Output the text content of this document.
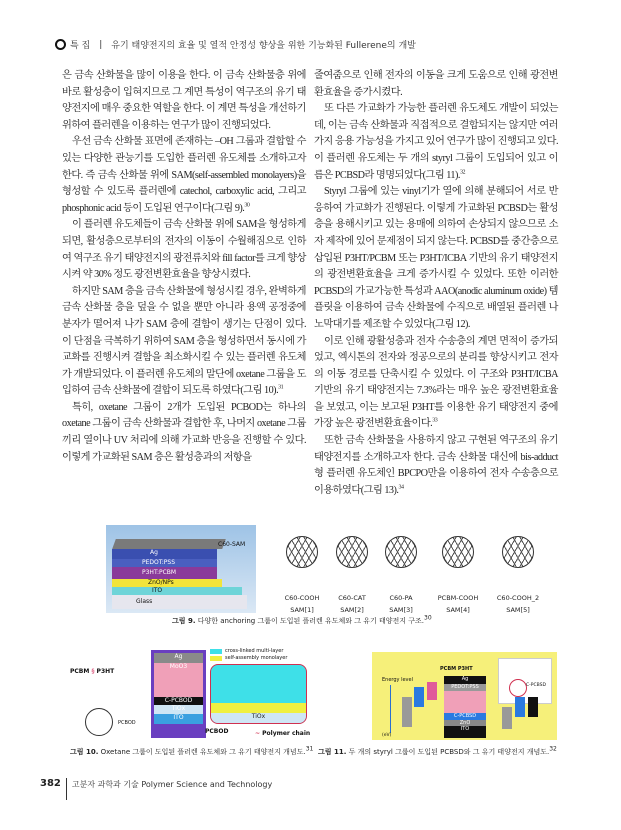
특 집 | 유기 태양전지의 효율 및 열적 안정성 향상을 위한 기능화된 Fullerene의 개발

은 금속 산화물을 많이 이용을 한다. 이 금속 산화물층 위에 바로 활성층이 입혀지므로 그 계면 특성이 역구조의 유기 태양전지에 매우 중요한 역할을 한다. 이 계면 특성을 개선하기 위하여 플러렌을 이용하는 연구가 많이 진행되었다.

우선 금속 산화물 표면에 존재하는 –OH 그룹과 결합할 수 있는 다양한 관능기를 도입한 플러렌 유도체를 소개하고자 한다. 즉 금속 산화물 위에 SAM(self-assembled monolayers)을 형성할 수 있도록 플러렌에 catechol, carboxylic acid, 그리고 phosphonic acid 등이 도입된 연구이다(그림 9).$^{30}$

이 플러렌 유도체들이 금속 산화물 위에 SAM을 형성하게 되면, 활성층으로부터의 전자의 이동이 수월해짐으로 인하여 역구조 유기 태양전지의 광전류치와 fill factor를 크게 향상시켜 약 30% 정도 광전변환효율을 향상시켰다.

하지만 SAM 층을 금속 산화물에 형성시킬 경우, 완벽하게 금속 산화물 층을 덮을 수 없을 뿐만 아니라 용액 공정중에 분자가 떨어져 나가 SAM 층에 결함이 생기는 단점이 있다. 이 단점을 극복하기 위하여 SAM 층을 형성하면서 동시에 가교화를 진행시켜 결함을 최소화시킬 수 있는 플러렌 유도체가 개발되었다. 이 플러렌 유도체의 말단에 oxetane 그룹을 도입하여 금속 산화물에 결합이 되도록 하였다(그림 10).$^{31}$

특히, oxetane 그룹이 2개가 도입된 PCBOD는 하나의 oxetane 그룹이 금속 산화물과 결합한 후, 나머지 oxetane 그룹끼리 열이나 UV 처리에 의해 가교화 반응을 진행할 수 있다. 이렇게 가교화된 SAM 층은 활성층과의 저항을

줄여줌으로 인해 전자의 이동을 크게 도움으로 인해 광전변환효율을 증가시켰다.

또 다른 가교화가 가능한 플러렌 유도체도 개발이 되었는데, 이는 금속 산화물과 직접적으로 결합되지는 않지만 여러 가지 응용 가능성을 가지고 있어 연구가 많이 진행되고 있다. 이 플러렌 유도체는 두 개의 styryl 그룹이 도입되어 있고 이름은 PCBSD라 명명되었다(그림 11).$^{32}$

Styryl 그룹에 있는 vinyl기가 열에 의해 분해되어 서로 반응하여 가교화가 진행된다. 이렇게 가교화된 PCBSD는 활성층을 용해시키고 있는 용매에 의하여 손상되지 않으므로 소자 제작에 있어 문제점이 되지 않는다. PCBSD를 중간층으로 삽입된 P3HT/PCBM 또는 P3HT/ICBA 기반의 유기 태양전지의 광전변환효율을 크게 증가시킬 수 있었다. 또한 이러한 PCBSD의 가교가능한 특성과 AAO(anodic aluminum oxide) 템플릿을 이용하여 금속 산화물에 수직으로 배열된 플러렌 나노막대기를 제조할 수 있었다(그림 12).

이로 인해 광활성층과 전자 수송층의 계면 면적이 증가되었고, 엑시톤의 전자와 정공으로의 분리를 향상시키고 전자의 이동 경로를 단축시킬 수 있었다. 이 구조와 P3HT/ICBA 기반의 유기 태양전지는 7.3%라는 매우 높은 광전변환효율을 보였고, 이는 보고된 P3HT를 이용한 유기 태양전지 중에 가장 높은 광전변환효율이다.$^{33}$

또한 금속 산화물을 사용하지 않고 구현된 역구조의 유기 태양전지를 소개하고자 한다. 금속 산화물 대신에 bis-adduct형 플러렌 유도체인 BPCPO만을 이용하여 전자 수송층으로 이용하였다(그림 13).$^{34}$

C60-SAM
Ag
PEDOT:PSS
P3HT:PCBM
ZnO/NPs
ITO
Glass	C60-COOH
SAM[1]
C60-CAT
SAM[2]
C60-PA
SAM[3]
PCBM-COOH
SAM[4]
C60-COOH_2
SAM[5]
그림 9. 다양한 anchoring 그룹이 도입된 플러렌 유도체와 그 유기 태양전지 구조.$^{30}$
PCBM § P3HT
PCBOD
Ag
MoO3
C-PCBOD
TiOx
ITO
cross-linked multi-layer
self-assembly monolayer
TiOx
PCBOD	~ Polymer chain
그림 10. Oxetane 그룹이 도입된 플러렌 유도체와 그 유기 태양전지 개념도.$^{31}$
Energy level
(eV)
PCBM P3HT
Ag
PEDOT:PSS
C-PCBSD
ZnO
ITO
C-PCBSD
그림 11. 두 개의 styryl 그룹이 도입된 PCBSD와 그 유기 태양전지 개념도.$^{32}$
382	고분자 과학과 기술 Polymer Science and Technology
